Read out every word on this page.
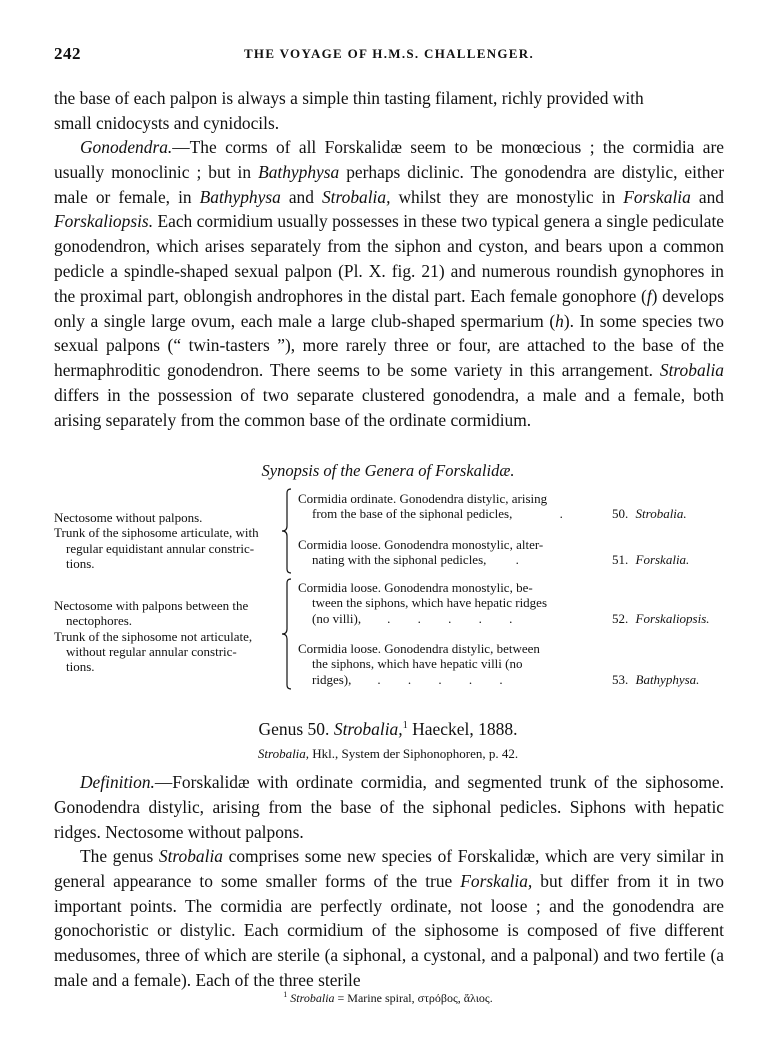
242	THE VOYAGE OF H.M.S. CHALLENGER.

the base of each palpon is always a simple thin tasting filament, richly provided with

small cnidocysts and cynidocils.

Gonodendra.—The corms of all Forskalidæ seem to be monœcious ; the cormidia are usually monoclinic ; but in Bathyphysa perhaps diclinic. The gonodendra are distylic, either male or female, in Bathyphysa and Strobalia, whilst they are monostylic in Forskalia and Forskaliopsis. Each cormidium usually possesses in these two typical genera a single pediculate gonodendron, which arises separately from the siphon and cyston, and bears upon a common pedicle a spindle-shaped sexual palpon (Pl. X. fig. 21) and numerous roundish gynophores in the proximal part, oblongish androphores in the distal part. Each female gonophore (f) develops only a single large ovum, each male a large club-shaped spermarium (h). In some species two sexual palpons (“ twin-tasters ”), more rarely three or four, are attached to the base of the hermaphroditic gonodendron. There seems to be some variety in this arrangement. Strobalia differs in the possession of two separate clustered gonodendra, a male and a female, both arising separately from the common base of the ordinate cormidium.

Synopsis of the Genera of Forskalidæ.
Nectosome without palpons.
Trunk of the siphosome articulate, with
regular equidistant annular constric-
tions.
Cormidia ordinate. Gonodendra distylic, arising
from the base of the siphonal pedicles,	.	50. Strobalia.
Cormidia loose. Gonodendra monostylic, alter-
nating with the siphonal pedicles, .	51. Forskalia.
Nectosome with palpons between the
nectophores.
Trunk of the siphosome not articulate,
without regular annular constric-
tions.
Cormidia loose. Gonodendra monostylic, be-
tween the siphons, which have hepatic ridges
(no villi), . . . . .	52. Forskaliopsis.
Cormidia loose. Gonodendra distylic, between
the siphons, which have hepatic villi (no
ridges), . . . . .	53. Bathyphysa.
Genus 50. Strobalia,$^1$ Haeckel, 1888.
Strobalia, Hkl., System der Siphonophoren, p. 42.

Definition.—Forskalidæ with ordinate cormidia, and segmented trunk of the siphosome. Gonodendra distylic, arising from the base of the siphonal pedicles. Siphons with hepatic ridges. Nectosome without palpons.

The genus Strobalia comprises some new species of Forskalidæ, which are very similar in general appearance to some smaller forms of the true Forskalia, but differ from it in two important points. The cormidia are perfectly ordinate, not loose ; and the gonodendra are gonochoristic or distylic. Each cormidium of the siphosome is composed of five different medusomes, three of which are sterile (a siphonal, a cystonal, and a palponal) and two fertile (a male and a female). Each of the three sterile

$^1$ Strobalia = Marine spiral, στρόβος, ἅλιος.
